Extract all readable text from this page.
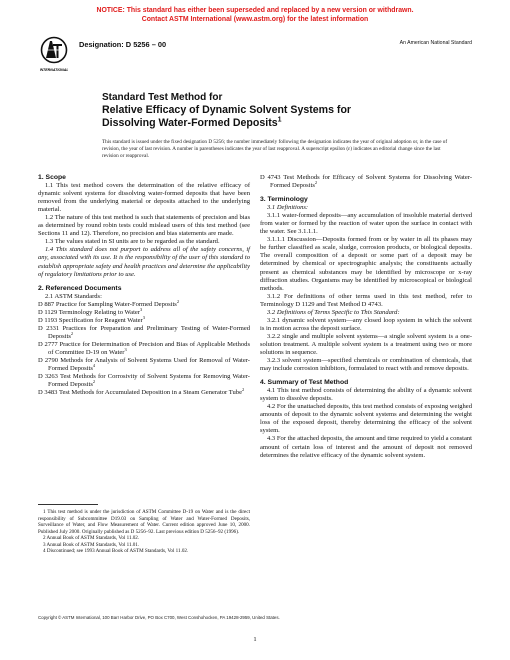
NOTICE: This standard has either been superseded and replaced by a new version or withdrawn.
Contact ASTM International (www.astm.org) for the latest information
INTERNATIONAL
Designation: D 5256 – 00	An American National Standard
Standard Test Method for
Relative Efficacy of Dynamic Solvent Systems for
Dissolving Water-Formed Deposits$^1$
This standard is issued under the fixed designation D 5256; the number immediately following the designation indicates the year of original adoption or, in the case of revision, the year of last revision. A number in parentheses indicates the year of last reapproval. A superscript epsilon (ε) indicates an editorial change since the last revision or reapproval.

1. Scope

1.1 This test method covers the determination of the relative efficacy of dynamic solvent systems for dissolving water-formed deposits that have been removed from the underlying material or deposits attached to the underlying material.

1.2 The nature of this test method is such that statements of precision and bias as determined by round robin tests could mislead users of this test method (see Sections 11 and 12). Therefore, no precision and bias statements are made.

1.3 The values stated in SI units are to be regarded as the standard.

1.4 This standard does not purport to address all of the safety concerns, if any, associated with its use. It is the responsibility of the user of this standard to establish appropriate safety and health practices and determine the applicability of regulatory limitations prior to use.

2. Referenced Documents

2.1 ASTM Standards:

D 887 Practice for Sampling Water-Formed Deposits$^2$

D 1129 Terminology Relating to Water$^3$

D 1193 Specification for Reagent Water$^3$

D 2331 Practices for Preparation and Preliminary Testing of Water-Formed Deposits$^2$

D 2777 Practice for Determination of Precision and Bias of Applicable Methods of Committee D-19 on Water$^3$

D 2790 Methods for Analysis of Solvent Systems Used for Removal of Water-Formed Deposits$^4$

D 3263 Test Methods for Corrosivity of Solvent Systems for Removing Water-Formed Deposits$^2$

D 3483 Test Methods for Accumulated Deposition in a Steam Generator Tube$^2$

1 This test method is under the jurisdiction of ASTM Committee D-19 on Water and is the direct responsibility of Subcommittee D19.03 on Sampling of Water and Water-Formed Deposits, Surveillance of Water, and Flow Measurement of Water. Current edition approved June 10, 2000. Published July 2000. Originally published as D 5256–92. Last previous edition D 5256–92 (1996).

2 Annual Book of ASTM Standards, Vol 11.02.

3 Annual Book of ASTM Standards, Vol 11.01.

4 Discontinued; see 1993 Annual Book of ASTM Standards, Vol 11.02.

D 4743 Test Methods for Efficacy of Solvent Systems for Dissolving Water-Formed Deposits$^2$

3. Terminology

3.1 Definitions:

3.1.1 water-formed deposits—any accumulation of insoluble material derived from water or formed by the reaction of water upon the surface in contact with the water. See 3.1.1.1.

3.1.1.1 Discussion—Deposits formed from or by water in all its phases may be further classified as scale, sludge, corrosion products, or biological deposits. The overall composition of a deposit or some part of a deposit may be determined by chemical or spectrographic analysis; the constituents actually present as chemical substances may be identified by microscope or x-ray diffraction studies. Organisms may be identified by microscopical or biological methods.

3.1.2 For definitions of other terms used in this test method, refer to Terminology D 1129 and Test Method D 4743.

3.2 Definitions of Terms Specific to This Standard:

3.2.1 dynamic solvent system—any closed loop system in which the solvent is in motion across the deposit surface.

3.2.2 single and multiple solvent systems—a single solvent system is a one-solution treatment. A multiple solvent system is a treatment using two or more solutions in sequence.

3.2.3 solvent system—specified chemicals or combination of chemicals, that may include corrosion inhibitors, formulated to react with and remove deposits.

4. Summary of Test Method

4.1 This test method consists of determining the ability of a dynamic solvent system to dissolve deposits.

4.2 For the unattached deposits, this test method consists of exposing weighed amounts of deposit to the dynamic solvent systems and determining the weight loss of the exposed deposit, thereby determining the efficacy of the solvent system.

4.3 For the attached deposits, the amount and time required to yield a constant amount of certain loss of interest and the amount of deposit not removed determines the relative efficacy of the dynamic solvent system.

Copyright © ASTM International, 100 Barr Harbor Drive, PO Box C700, West Conshohocken, PA 19428-2959, United States.
1
